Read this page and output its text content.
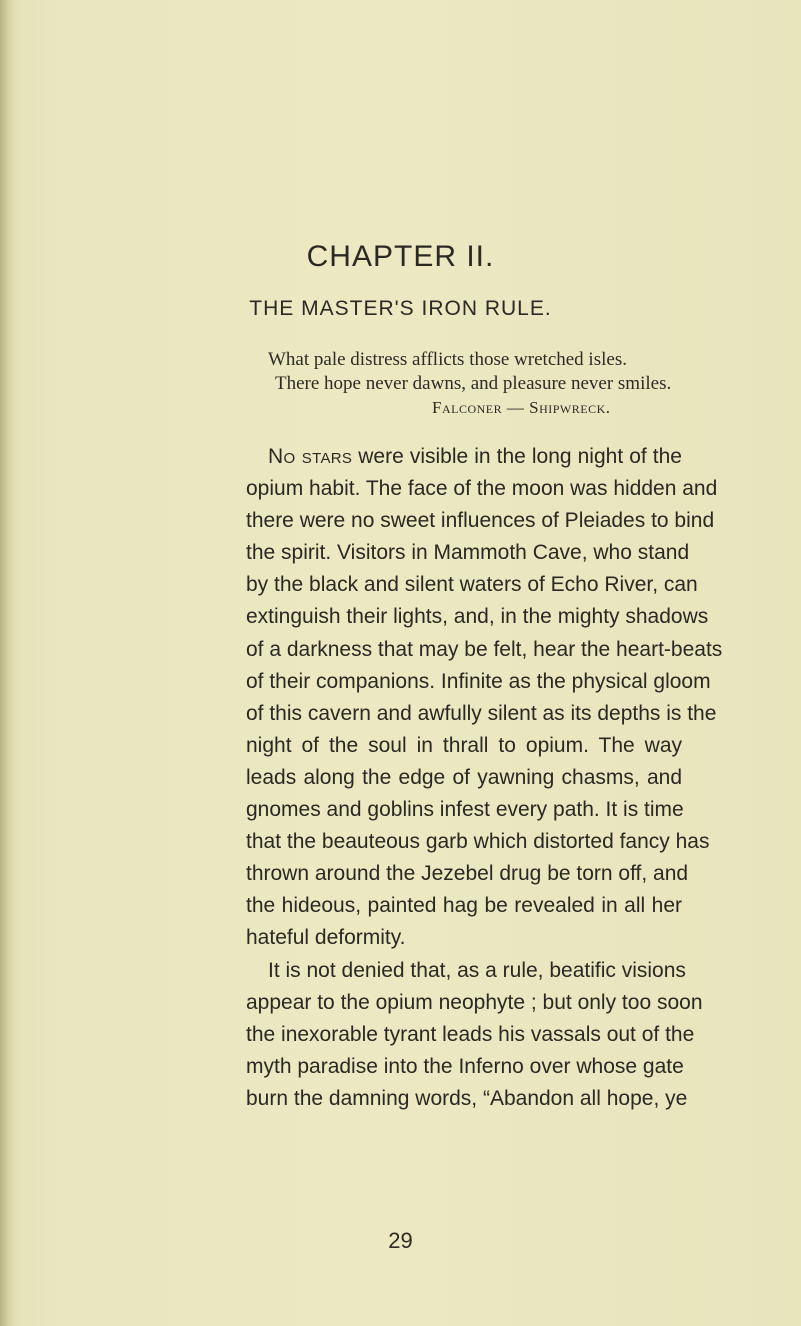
CHAPTER II.
THE MASTER'S IRON RULE.
What pale distress afflicts those wretched isles.
There hope never dawns, and pleasure never smiles.
Falconer — Shipwreck.
No stars were visible in the long night of the
opium habit. The face of the moon was hidden and
there were no sweet influences of Pleiades to bind
the spirit. Visitors in Mammoth Cave, who stand
by the black and silent waters of Echo River, can
extinguish their lights, and, in the mighty shadows
of a darkness that may be felt, hear the heart-beats
of their companions. Infinite as the physical gloom
of this cavern and awfully silent as its depths is the
night of the soul in thrall to opium. The way
leads along the edge of yawning chasms, and
gnomes and goblins infest every path. It is time
that the beauteous garb which distorted fancy has
thrown around the Jezebel drug be torn off, and
the hideous, painted hag be revealed in all her
hateful deformity.
It is not denied that, as a rule, beatific visions
appear to the opium neophyte ; but only too soon
the inexorable tyrant leads his vassals out of the
myth paradise into the Inferno over whose gate
burn the damning words, “Abandon all hope, ye
29
